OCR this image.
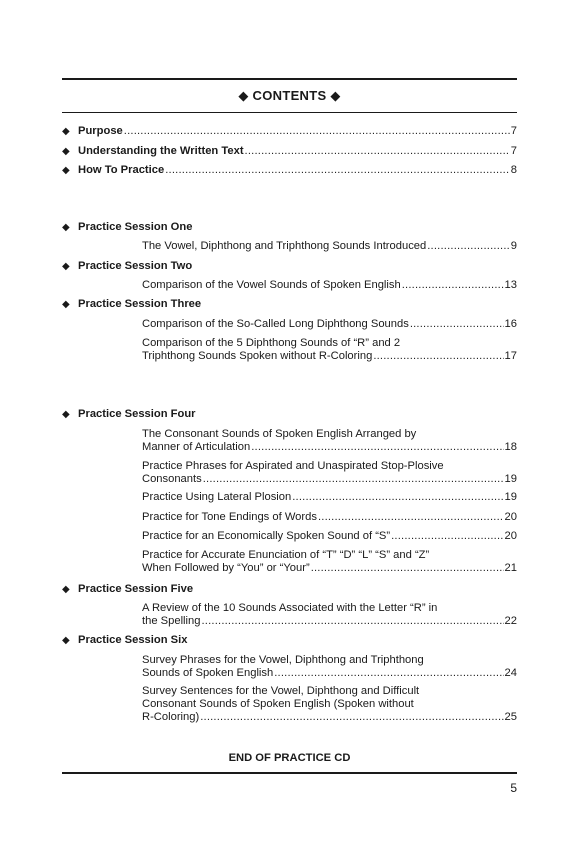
◆ CONTENTS ◆
◆ Purpose .....	7
◆ Understanding the Written Text .....	7
◆ How To Practice .....	8
◆ Practice Session One
The Vowel, Diphthong and Triphthong Sounds Introduced .....	9
◆ Practice Session Two
Comparison of the Vowel Sounds of Spoken English .....	13
◆ Practice Session Three
Comparison of the So-Called Long Diphthong Sounds .....	16
Comparison of the 5 Diphthong Sounds of “R” and 2
Triphthong Sounds Spoken without R-Coloring .....	17
◆ Practice Session Four
The Consonant Sounds of Spoken English Arranged by
Manner of Articulation .....	18
Practice Phrases for Aspirated and Unaspirated Stop-Plosive
Consonants .....	19
Practice Using Lateral Plosion .....	19
Practice for Tone Endings of Words .....	20
Practice for an Economically Spoken Sound of “S” .....	20
Practice for Accurate Enunciation of “T” “D” “L” “S” and “Z”
When Followed by “You” or “Your” .....	21
◆ Practice Session Five
A Review of the 10 Sounds Associated with the Letter “R” in
the Spelling .....	22
◆ Practice Session Six
Survey Phrases for the Vowel, Diphthong and Triphthong
Sounds of Spoken English .....	24
Survey Sentences for the Vowel, Diphthong and Difficult
Consonant Sounds of Spoken English (Spoken without
R-Coloring) .....	25
END OF PRACTICE CD
5
